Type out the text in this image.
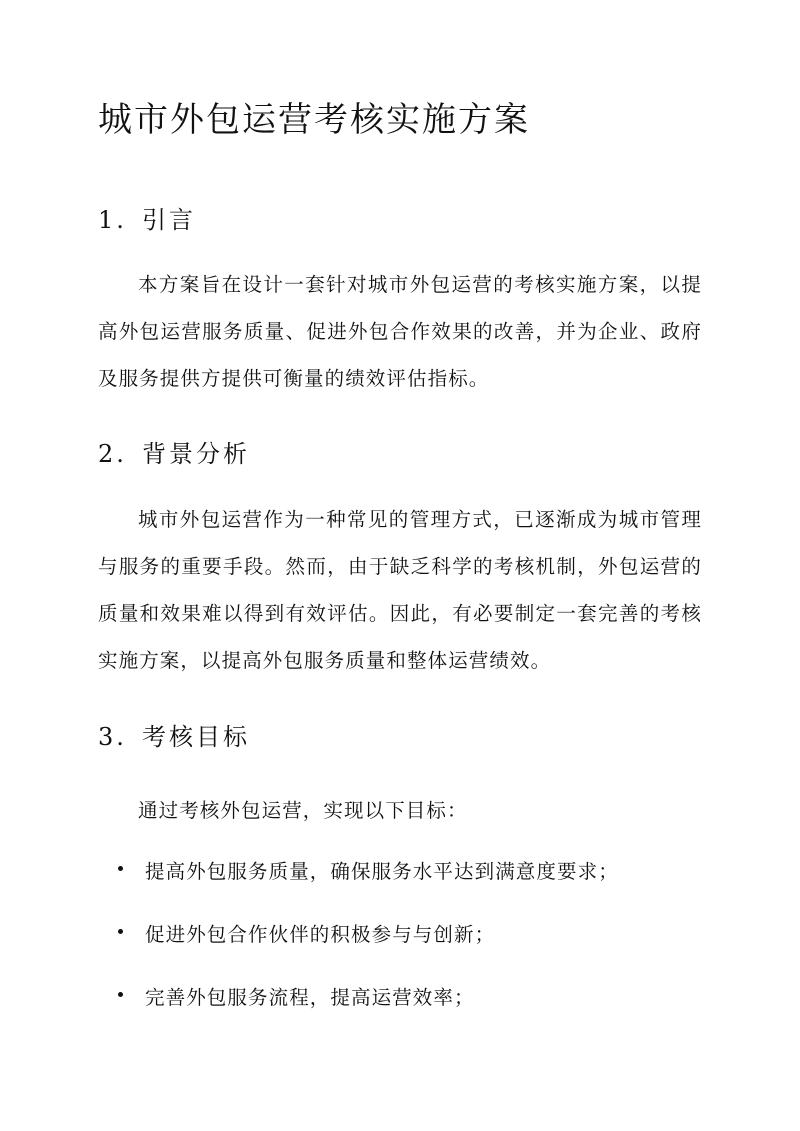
城市外包运营考核实施方案
1. 引言

本方案旨在设计一套针对城市外包运营的考核实施方案，以提高外包运营服务质量、促进外包合作效果的改善，并为企业、政府及服务提供方提供可衡量的绩效评估指标。

2. 背景分析

城市外包运营作为一种常见的管理方式，已逐渐成为城市管理与服务的重要手段。然而，由于缺乏科学的考核机制，外包运营的质量和效果难以得到有效评估。因此，有必要制定一套完善的考核实施方案，以提高外包服务质量和整体运营绩效。

3. 考核目标

通过考核外包运营，实现以下目标：

提高外包服务质量，确保服务水平达到满意度要求；
促进外包合作伙伴的积极参与与创新；
完善外包服务流程，提高运营效率；
